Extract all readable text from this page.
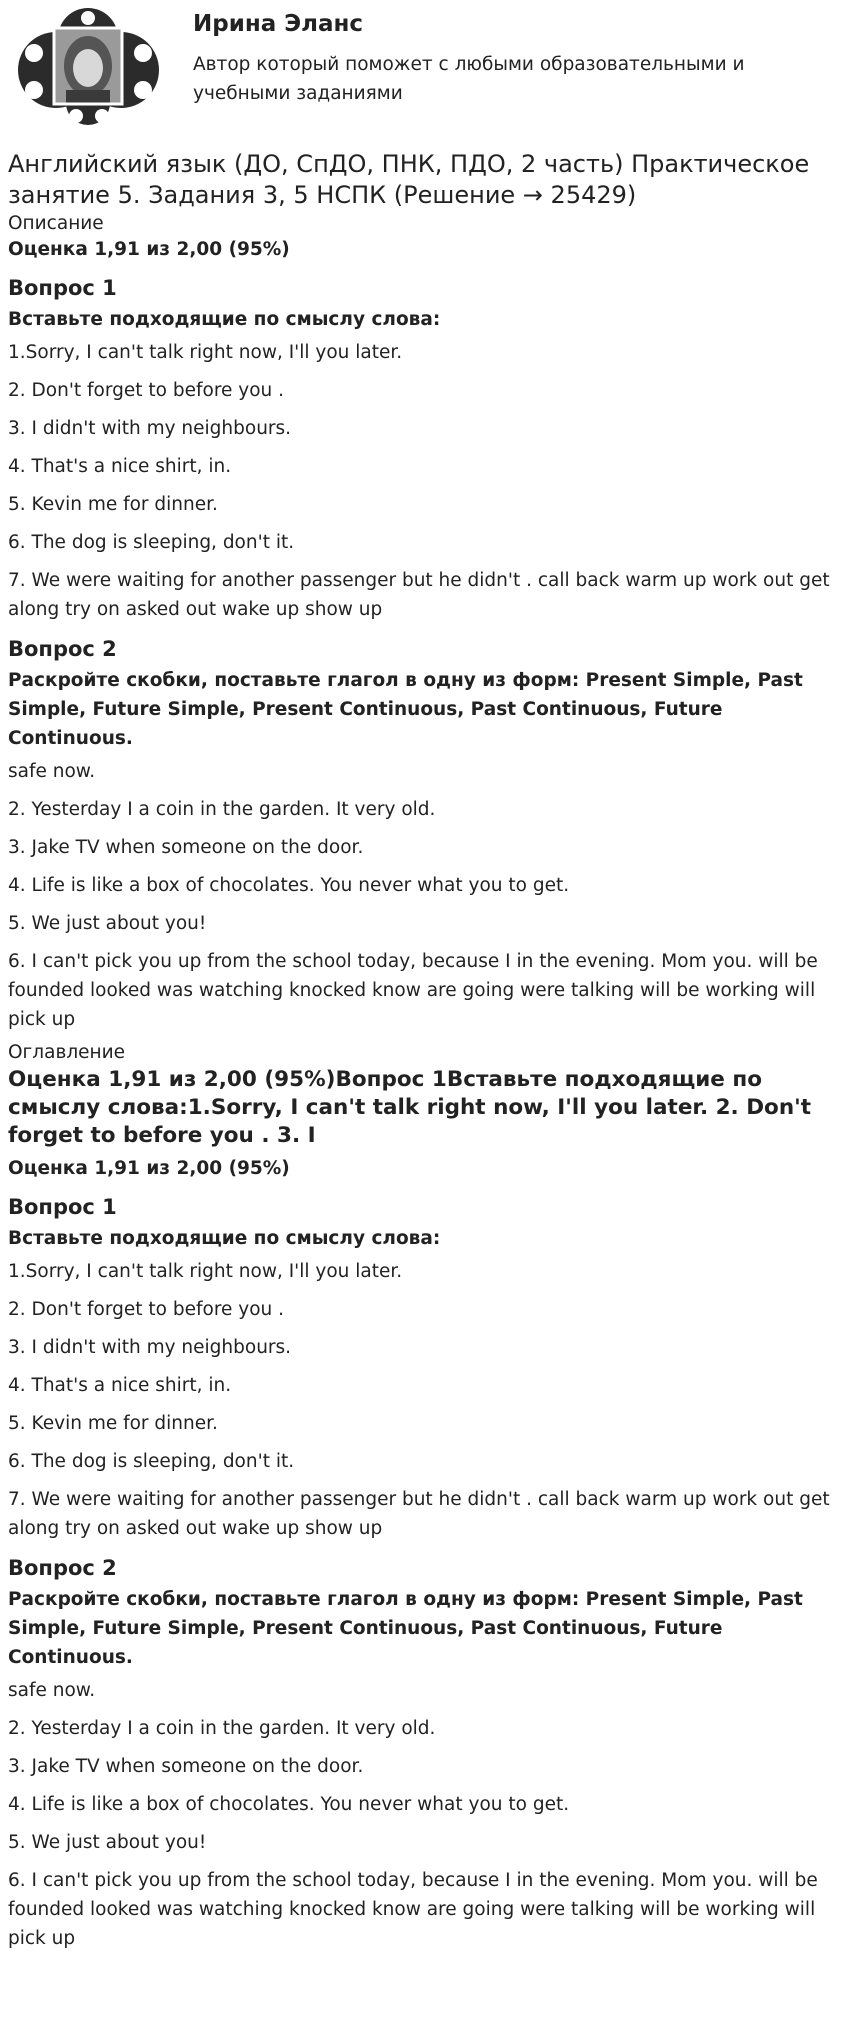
Ирина Эланс
Автор который поможет с любыми образовательными и учебными заданиями
Английский язык (ДО, СпДО, ПНК, ПДО, 2 часть) Практическое занятие 5. Задания 3, 5 НСПК (Решение → 25429)

Описание

Оценка 1,91 из 2,00 (95%)

Вопрос 1

Вставьте подходящие по смыслу слова:

1.Sorry, I can't talk right now, I'll you later.

2. Don't forget to before you .

3. I didn't with my neighbours.

4. That's a nice shirt, in.

5. Kevin me for dinner.

6. The dog is sleeping, don't it.

7. We were waiting for another passenger but he didn't . call back warm up work out get along try on asked out wake up show up

Вопрос 2

Раскройте скобки, поставьте глагол в одну из форм: Present Simple, Past Simple, Future Simple, Present Continuous, Past Continuous, Future Continuous.

safe now.

2. Yesterday I a coin in the garden. It very old.

3. Jake TV when someone on the door.

4. Life is like a box of chocolates. You never what you to get.

5. We just about you!

6. I can't pick you up from the school today, because I in the evening. Mom you. will be founded looked was watching knocked know are going were talking will be working will pick up

Оглавление

Оценка 1,91 из 2,00 (95%)Вопрос 1Вставьте подходящие по смыслу слова:1.Sorry, I can't talk right now, I'll you later. 2. Don't forget to before you . 3. I

Оценка 1,91 из 2,00 (95%)

Вопрос 1

Вставьте подходящие по смыслу слова:

1.Sorry, I can't talk right now, I'll you later.

2. Don't forget to before you .

3. I didn't with my neighbours.

4. That's a nice shirt, in.

5. Kevin me for dinner.

6. The dog is sleeping, don't it.

7. We were waiting for another passenger but he didn't . call back warm up work out get along try on asked out wake up show up

Вопрос 2

Раскройте скобки, поставьте глагол в одну из форм: Present Simple, Past Simple, Future Simple, Present Continuous, Past Continuous, Future Continuous.

safe now.

2. Yesterday I a coin in the garden. It very old.

3. Jake TV when someone on the door.

4. Life is like a box of chocolates. You never what you to get.

5. We just about you!

6. I can't pick you up from the school today, because I in the evening. Mom you. will be founded looked was watching knocked know are going were talking will be working will pick up
